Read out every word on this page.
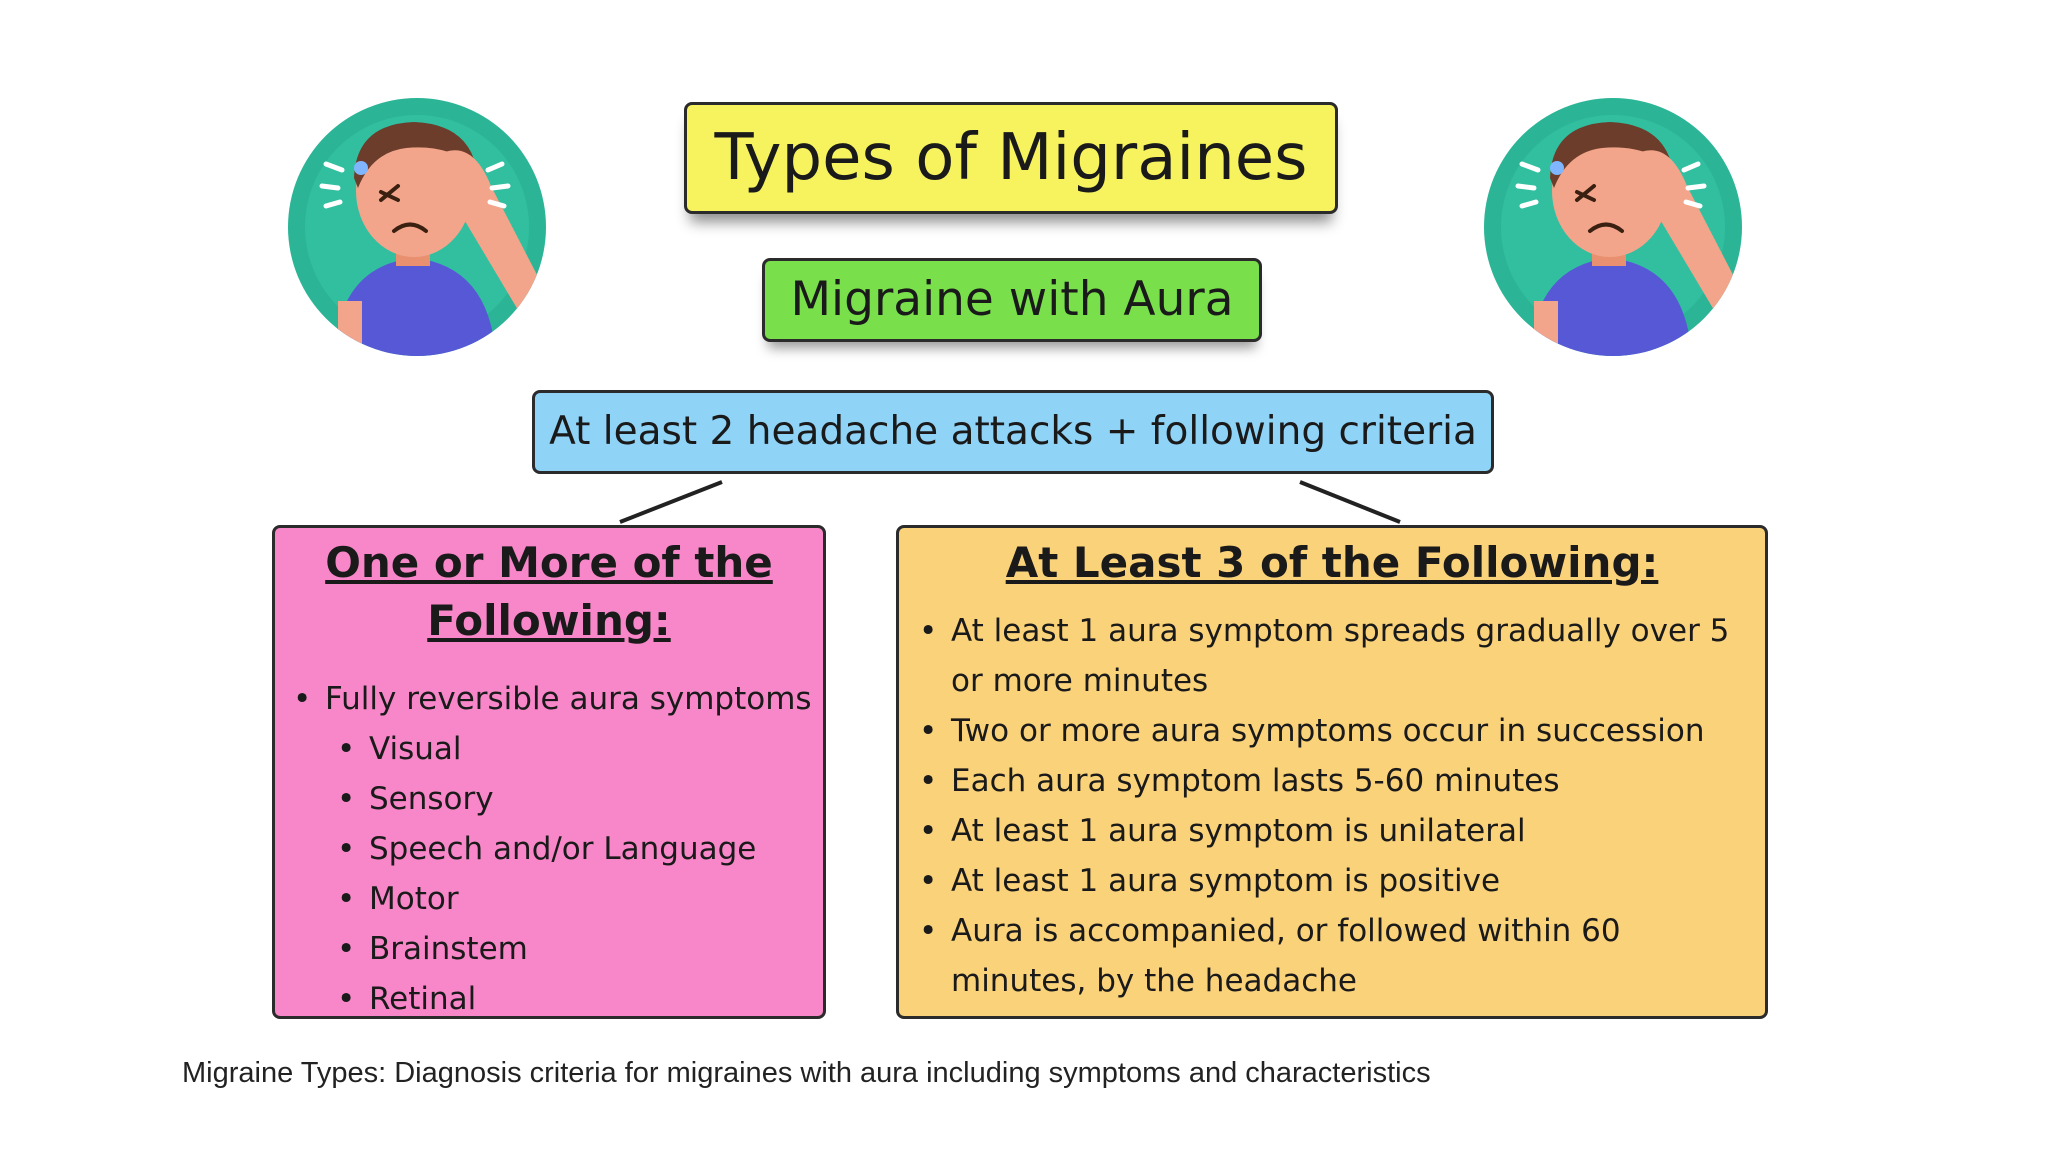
Types of Migraines
Migraine with Aura
At least 2 headache attacks + following criteria

One or More of the Following:

• Fully reversible aura symptoms
• Visual
• Sensory
• Speech and/or Language
• Motor
• Brainstem
• Retinal

At Least 3 of the Following:

• At least 1 aura symptom spreads gradually over 5 or more minutes
• Two or more aura symptoms occur in succession
• Each aura symptom lasts 5-60 minutes
• At least 1 aura symptom is unilateral
• At least 1 aura symptom is positive
• Aura is accompanied, or followed within 60 minutes, by the headache
Migraine Types: Diagnosis criteria for migraines with aura including symptoms and characteristics
